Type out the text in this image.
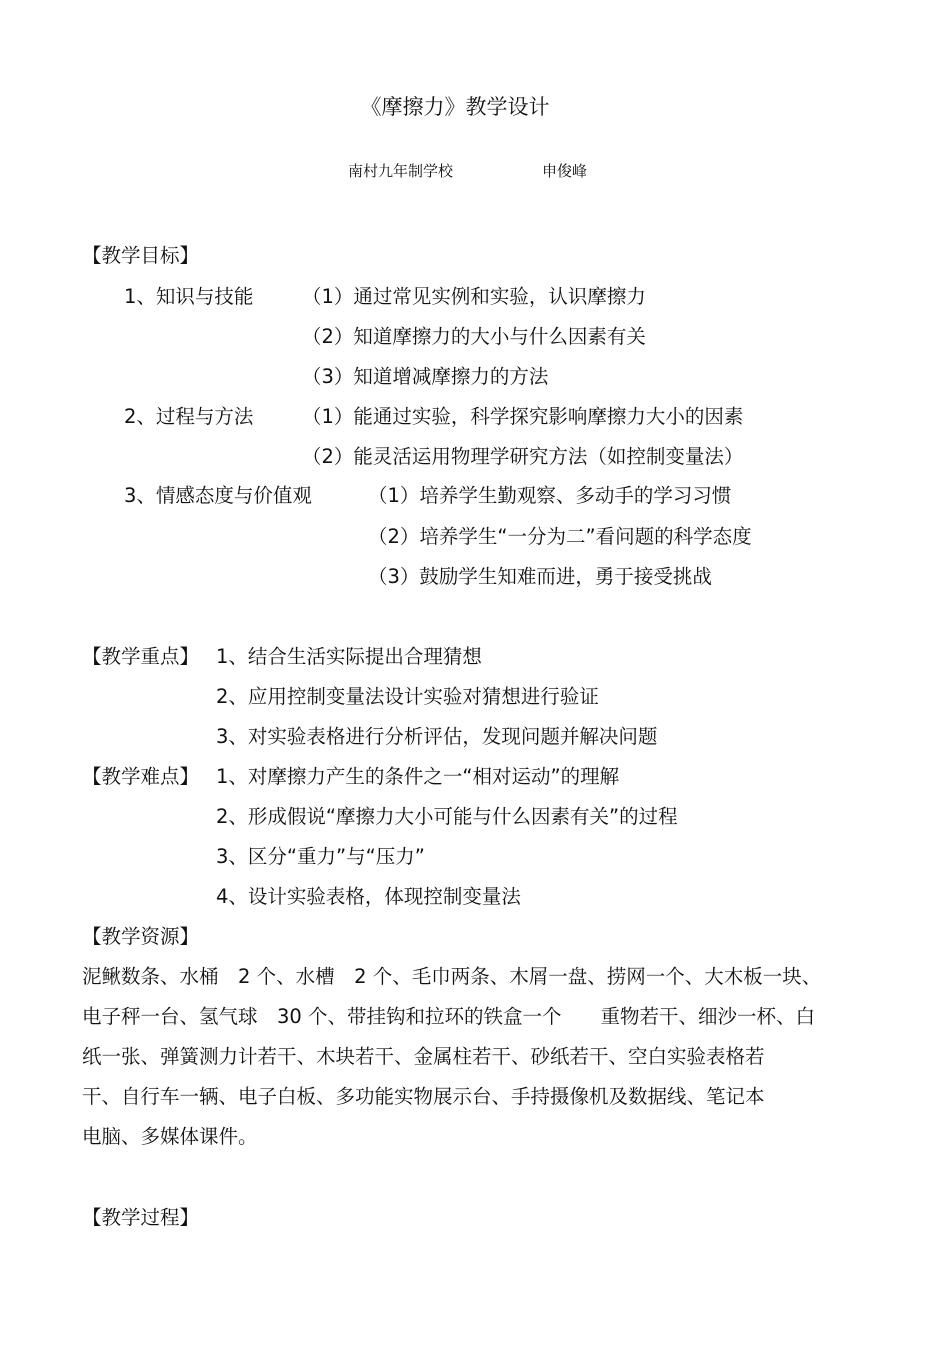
《摩擦力》教学设计
南村九年制学校	申俊峰
【教学目标】
1、知识与技能 （1）通过常见实例和实验，认识摩擦力
（2）知道摩擦力的大小与什么因素有关
（3）知道增减摩擦力的方法
2、过程与方法 （1）能通过实验，科学探究影响摩擦力大小的因素
（2）能灵活运用物理学研究方法（如控制变量法）
3、情感态度与价值观	（1）培养学生勤观察、多动手的学习习惯
（2）培养学生“一分为二”看问题的科学态度
（3）鼓励学生知难而进，勇于接受挑战
【教学重点】 1、结合生活实际提出合理猜想
2、应用控制变量法设计实验对猜想进行验证
3、对实验表格进行分析评估，发现问题并解决问题
【教学难点】 1、对摩擦力产生的条件之一“相对运动”的理解
2、形成假说“摩擦力大小可能与什么因素有关”的过程
3、区分“重力”与“压力”
4、设计实验表格，体现控制变量法
【教学资源】
泥鳅数条、水桶　2 个、水槽　2 个、毛巾两条、木屑一盘、捞网一个、大木板一块、
电子秤一台、氢气球　30 个、带挂钩和拉环的铁盒一个　　重物若干、细沙一杯、白
纸一张、弹簧测力计若干、木块若干、金属柱若干、砂纸若干、空白实验表格若
干、自行车一辆、电子白板、多功能实物展示台、手持摄像机及数据线、笔记本
电脑、多媒体课件。
【教学过程】
